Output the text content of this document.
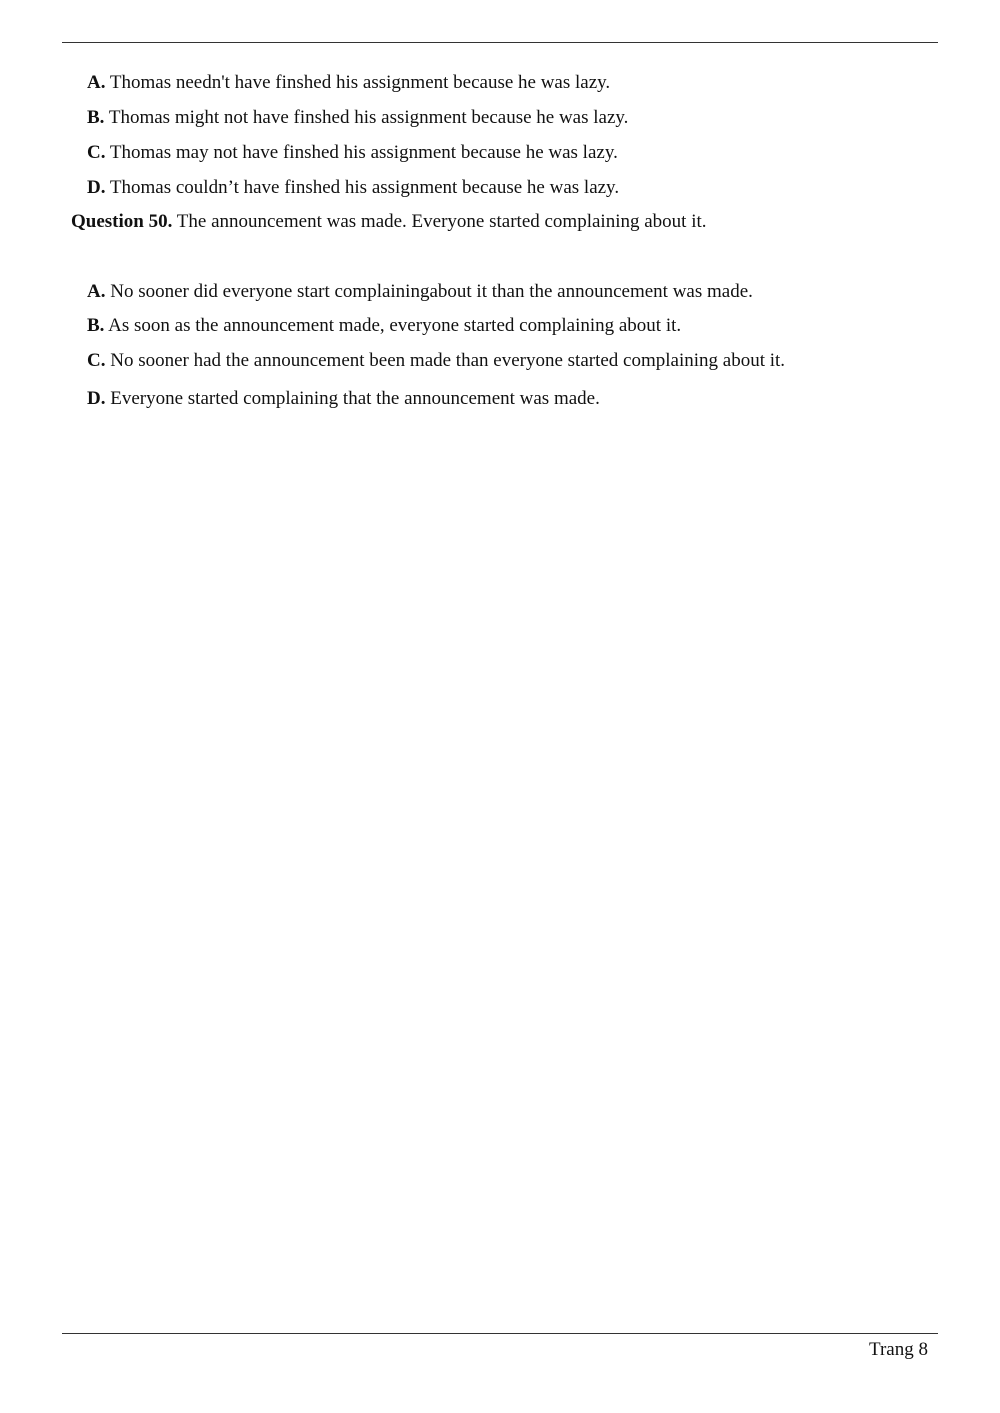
A. Thomas needn't have finshed his assignment because he was lazy.
B. Thomas might not have finshed his assignment because he was lazy.
C. Thomas may not have finshed his assignment because he was lazy.
D. Thomas couldn’t have finshed his assignment because he was lazy.
Question 50. The announcement was made. Everyone started complaining about it.
A. No sooner did everyone start complainingabout it than the announcement was made.
B. As soon as the announcement made, everyone started complaining about it.
C. No sooner had the announcement been made than everyone started complaining about it.
D. Everyone started complaining that the announcement was made.
Trang 8
